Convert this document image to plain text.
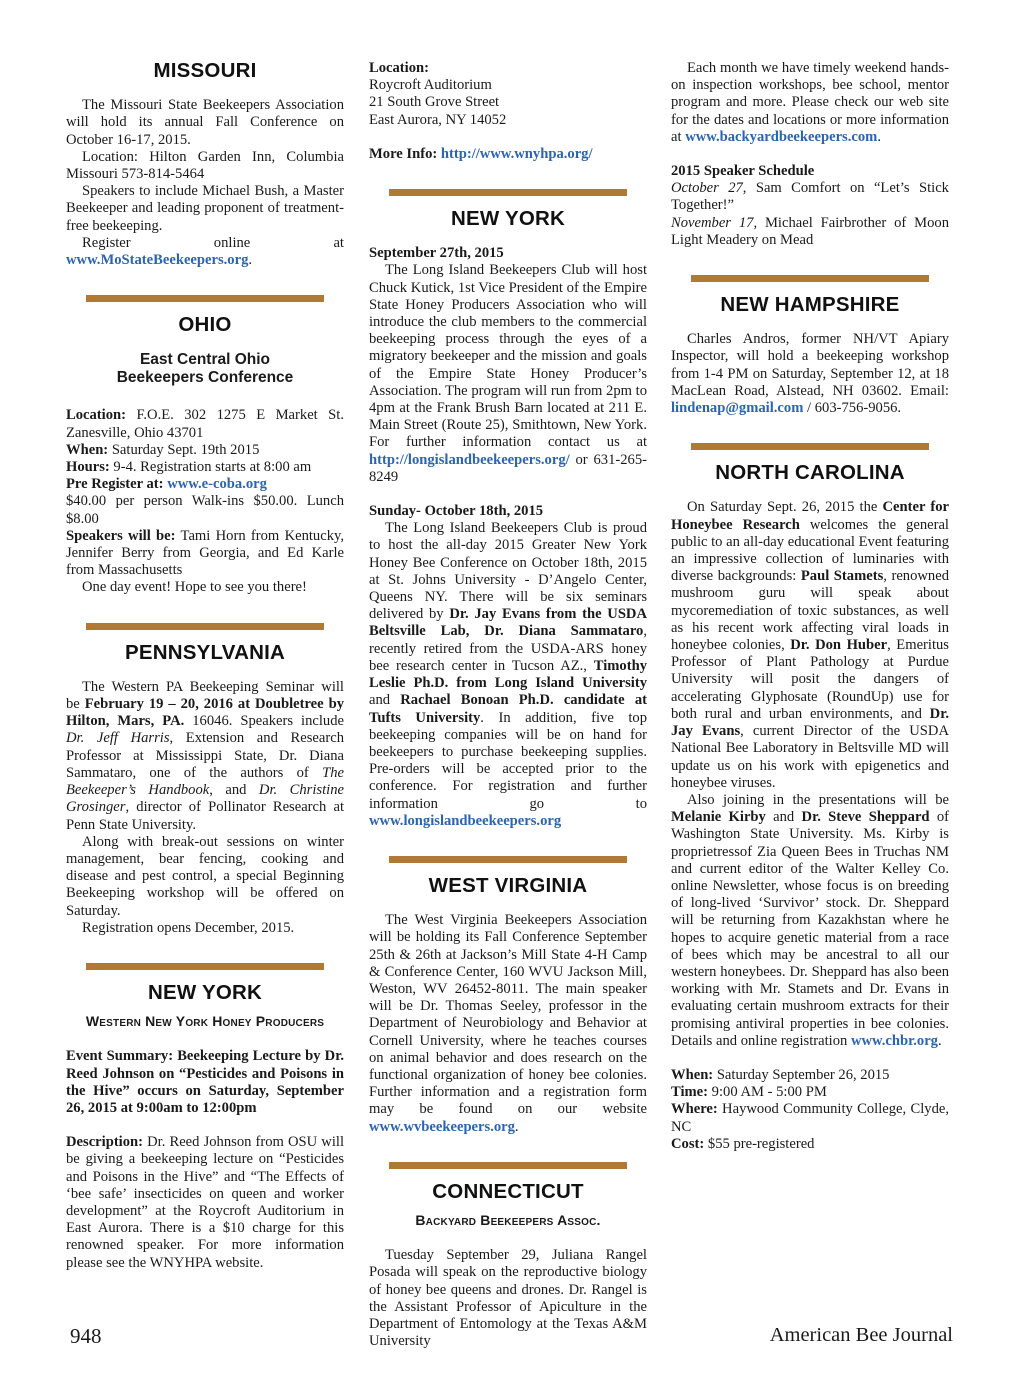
MISSOURI

The Missouri State Beekeepers Association will hold its annual Fall Conference on October 16-17, 2015.

Location: Hilton Garden Inn, Columbia Missouri 573-814-5464

Speakers to include Michael Bush, a Master Beekeeper and leading proponent of treatment-free beekeeping.

Register online at www.MoStateBeekeepers.org.

OHIO
East Central Ohio
Beekeepers Conference

Location: F.O.E. 302 1275 E Market St. Zanesville, Ohio 43701

When: Saturday Sept. 19th 2015

Hours: 9-4. Registration starts at 8:00 am

Pre Register at: www.e-coba.org

$40.00 per person Walk-ins $50.00. Lunch $8.00

Speakers will be: Tami Horn from Kentucky, Jennifer Berry from Georgia, and Ed Karle from Massachusetts

One day event! Hope to see you there!

PENNSYLVANIA

The Western PA Beekeeping Seminar will be February 19 – 20, 2016 at Doubletree by Hilton, Mars, PA. 16046. Speakers include Dr. Jeff Harris, Extension and Research Professor at Mississippi State, Dr. Diana Sammataro, one of the authors of The Beekeeper’s Handbook, and Dr. Christine Grosinger, director of Pollinator Research at Penn State University.

Along with break-out sessions on winter management, bear fencing, cooking and disease and pest control, a special Beginning Beekeeping workshop will be offered on Saturday.

Registration opens December, 2015.

NEW YORK
Western New York Honey Producers

Event Summary: Beekeeping Lecture by Dr. Reed Johnson on “Pesticides and Poisons in the Hive” occurs on Saturday, September 26, 2015 at 9:00am to 12:00pm

Description: Dr. Reed Johnson from OSU will be giving a beekeeping lecture on “Pesticides and Poisons in the Hive” and “The Effects of ‘bee safe’ insecticides on queen and worker development” at the Roycroft Auditorium in East Aurora. There is a $10 charge for this renowned speaker. For more information please see the WNYHPA website.

Location:
Roycroft Auditorium
21 South Grove Street
East Aurora, NY 14052

More Info: http://www.wnyhpa.org/

NEW YORK

September 27th, 2015

The Long Island Beekeepers Club will host Chuck Kutick, 1st Vice President of the Empire State Honey Producers Association who will introduce the club members to the commercial beekeeping process through the eyes of a migratory beekeeper and the mission and goals of the Empire State Honey Producer’s Association. The program will run from 2pm to 4pm at the Frank Brush Barn located at 211 E. Main Street (Route 25), Smithtown, New York. For further information contact us at http://longislandbeekeepers.org/ or 631-265-8249

Sunday- October 18th, 2015

The Long Island Beekeepers Club is proud to host the all-day 2015 Greater New York Honey Bee Conference on October 18th, 2015 at St. Johns University - D’Angelo Center, Queens NY. There will be six seminars delivered by Dr. Jay Evans from the USDA Beltsville Lab, Dr. Diana Sammataro, recently retired from the USDA-ARS honey bee research center in Tucson AZ., Timothy Leslie Ph.D. from Long Island University and Rachael Bonoan Ph.D. candidate at Tufts University. In addition, five top beekeeping companies will be on hand for beekeepers to purchase beekeeping supplies. Pre-orders will be accepted prior to the conference. For registration and further information go to www.longislandbeekeepers.org

WEST VIRGINIA

The West Virginia Beekeepers Association will be holding its Fall Conference September 25th & 26th at Jackson’s Mill State 4-H Camp & Conference Center, 160 WVU Jackson Mill, Weston, WV 26452-8011. The main speaker will be Dr. Thomas Seeley, professor in the Department of Neurobiology and Behavior at Cornell University, where he teaches courses on animal behavior and does research on the functional organization of honey bee colonies. Further information and a registration form may be found on our website www.wvbeekeepers.org.

CONNECTICUT
Backyard Beekeepers Assoc.

Tuesday September 29, Juliana Rangel Posada will speak on the reproductive biology of honey bee queens and drones. Dr. Rangel is the Assistant Professor of Apiculture in the Department of Entomology at the Texas A&M University

Each month we have timely weekend hands-on inspection workshops, bee school, mentor program and more. Please check our web site for the dates and locations or more information at www.backyardbeekeepers.com.

2015 Speaker Schedule

October 27, Sam Comfort on “Let’s Stick Together!”

November 17, Michael Fairbrother of Moon Light Meadery on Mead

NEW HAMPSHIRE

Charles Andros, former NH/VT Apiary Inspector, will hold a beekeeping workshop from 1-4 PM on Saturday, September 12, at 18 MacLean Road, Alstead, NH 03602. Email: lindenap@gmail.com / 603-756-9056.

NORTH CAROLINA

On Saturday Sept. 26, 2015 the Center for Honeybee Research welcomes the general public to an all-day educational Event featuring an impressive collection of luminaries with diverse backgrounds: Paul Stamets, renowned mushroom guru will speak about mycoremediation of toxic substances, as well as his recent work affecting viral loads in honeybee colonies, Dr. Don Huber, Emeritus Professor of Plant Pathology at Purdue University will posit the dangers of accelerating Glyphosate (RoundUp) use for both rural and urban environments, and Dr. Jay Evans, current Director of the USDA National Bee Laboratory in Beltsville MD will update us on his work with epigenetics and honeybee viruses.

Also joining in the presentations will be Melanie Kirby and Dr. Steve Sheppard of Washington State University. Ms. Kirby is proprietressof Zia Queen Bees in Truchas NM and current editor of the Walter Kelley Co. online Newsletter, whose focus is on breeding of long-lived ‘Survivor’ stock. Dr. Sheppard will be returning from Kazakhstan where he hopes to acquire genetic material from a race of bees which may be ancestral to all our western honeybees. Dr. Sheppard has also been working with Mr. Stamets and Dr. Evans in evaluating certain mushroom extracts for their promising antiviral properties in bee colonies. Details and online registration www.chbr.org.

When: Saturday September 26, 2015

Time: 9:00 AM - 5:00 PM

Where: Haywood Community College, Clyde, NC

Cost: $55 pre-registered

948	American Bee Journal
